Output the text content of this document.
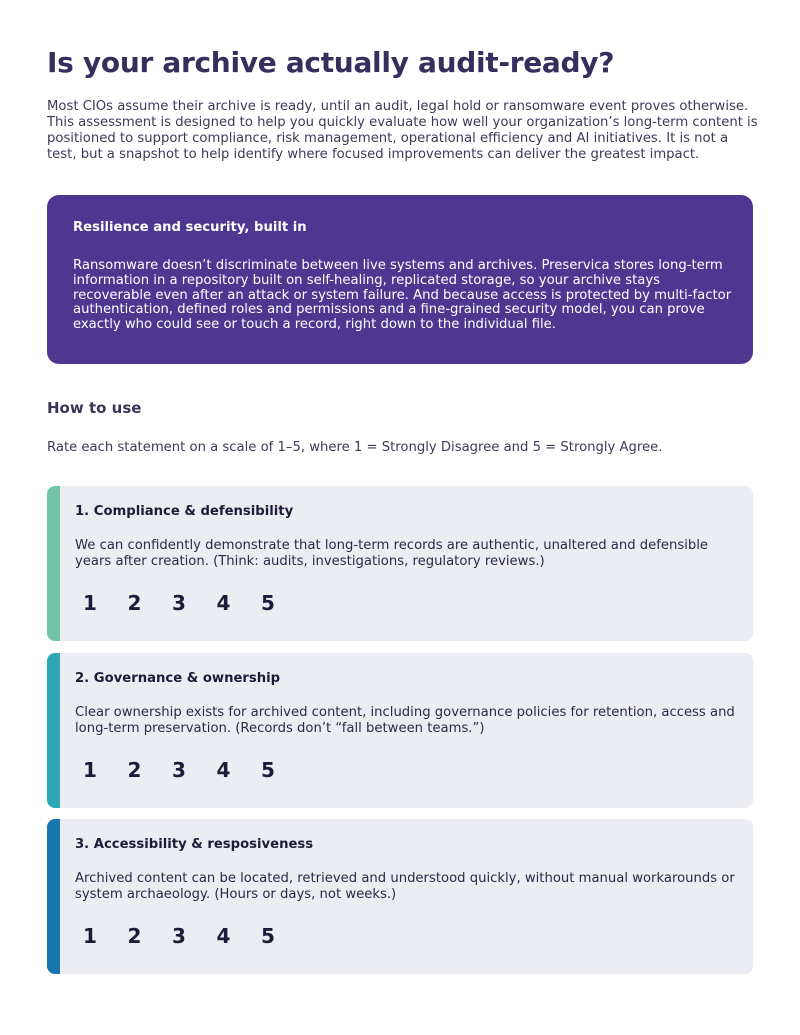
Is your archive actually audit-ready?

Most CIOs assume their archive is ready, until an audit, legal hold or ransomware event proves otherwise. This assessment is designed to help you quickly evaluate how well your organization’s long-term content is positioned to support compliance, risk management, operational efficiency and AI initiatives. It is not a test, but a snapshot to help identify where focused improvements can deliver the greatest impact.

Resilience and security, built in
Ransomware doesn’t discriminate between live systems and archives. Preservica stores long-term information in a repository built on self-healing, replicated storage, so your archive stays recoverable even after an attack or system failure. And because access is protected by multi-factor authentication, defined roles and permissions and a fine-grained security model, you can prove exactly who could see or touch a record, right down to the individual file.
How to use

Rate each statement on a scale of 1–5, where 1 = Strongly Disagree and 5 = Strongly Agree.

1. Compliance & defensibility
We can confidently demonstrate that long-term records are authentic, unaltered and defensible years after creation. (Think: audits, investigations, regulatory reviews.)
1	2	3	4	5
2. Governance & ownership
Clear ownership exists for archived content, including governance policies for retention, access and long-term preservation. (Records don’t “fall between teams.”)
1	2	3	4	5
3. Accessibility & resposiveness
Archived content can be located, retrieved and understood quickly, without manual workarounds or system archaeology. (Hours or days, not weeks.)
1	2	3	4	5
